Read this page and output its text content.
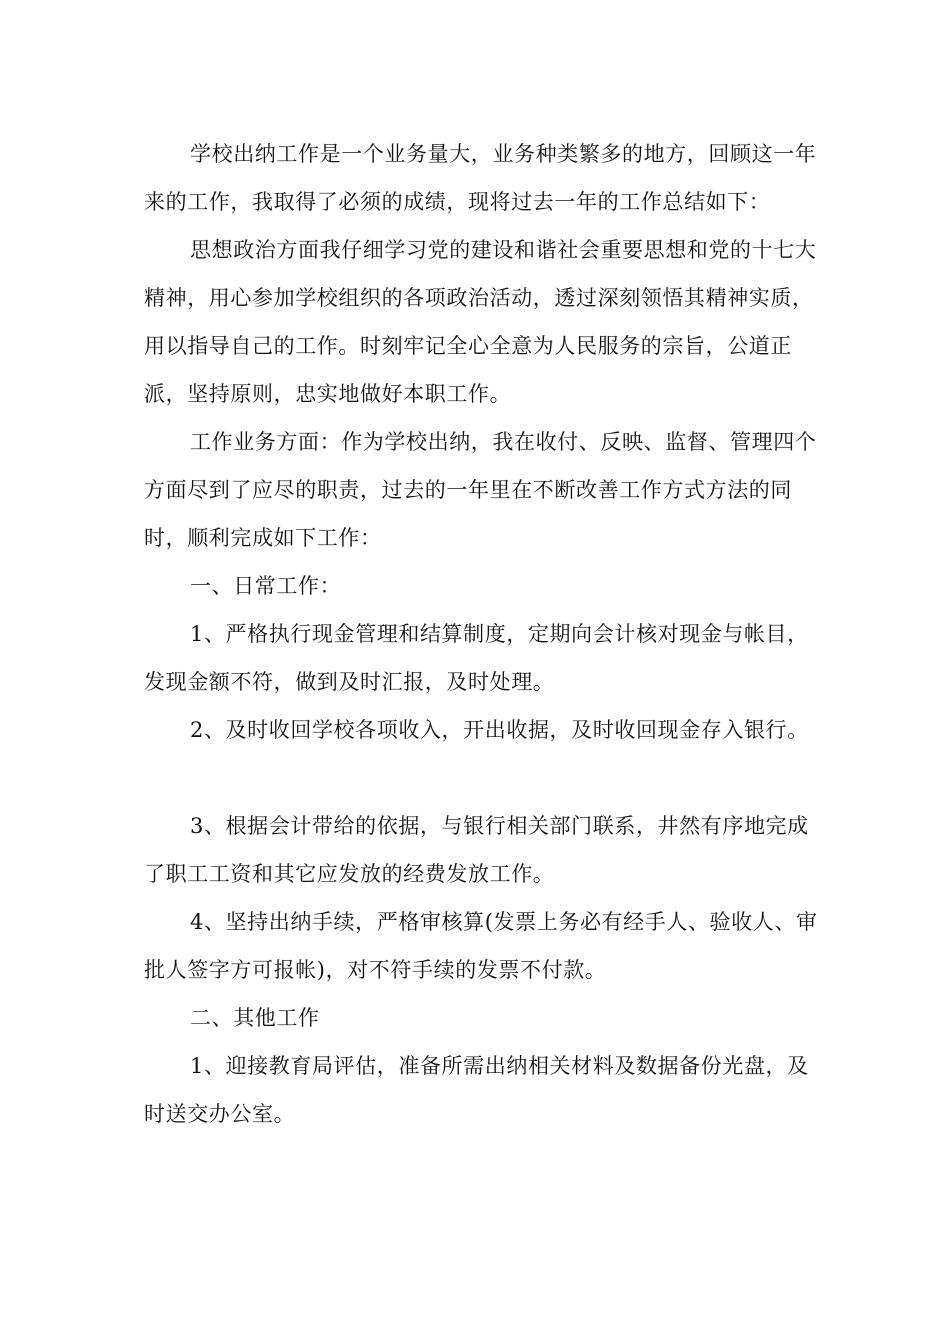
学校出纳工作是一个业务量大，业务种类繁多的地方，回顾这一年来的工作，我取得了必须的成绩，现将过去一年的工作总结如下：

思想政治方面我仔细学习党的建设和谐社会重要思想和党的十七大精神，用心参加学校组织的各项政治活动，透过深刻领悟其精神实质，用以指导自己的工作。时刻牢记全心全意为人民服务的宗旨，公道正派，坚持原则，忠实地做好本职工作。

工作业务方面：作为学校出纳，我在收付、反映、监督、管理四个方面尽到了应尽的职责，过去的一年里在不断改善工作方式方法的同时，顺利完成如下工作：

一、日常工作：

1、严格执行现金管理和结算制度，定期向会计核对现金与帐目，发现金额不符，做到及时汇报，及时处理。

2、及时收回学校各项收入，开出收据，及时收回现金存入银行。

3、根据会计带给的依据，与银行相关部门联系，井然有序地完成了职工工资和其它应发放的经费发放工作。

4、坚持出纳手续，严格审核算(发票上务必有经手人、验收人、审批人签字方可报帐)，对不符手续的发票不付款。

二、其他工作

1、迎接教育局评估，准备所需出纳相关材料及数据备份光盘，及时送交办公室。
